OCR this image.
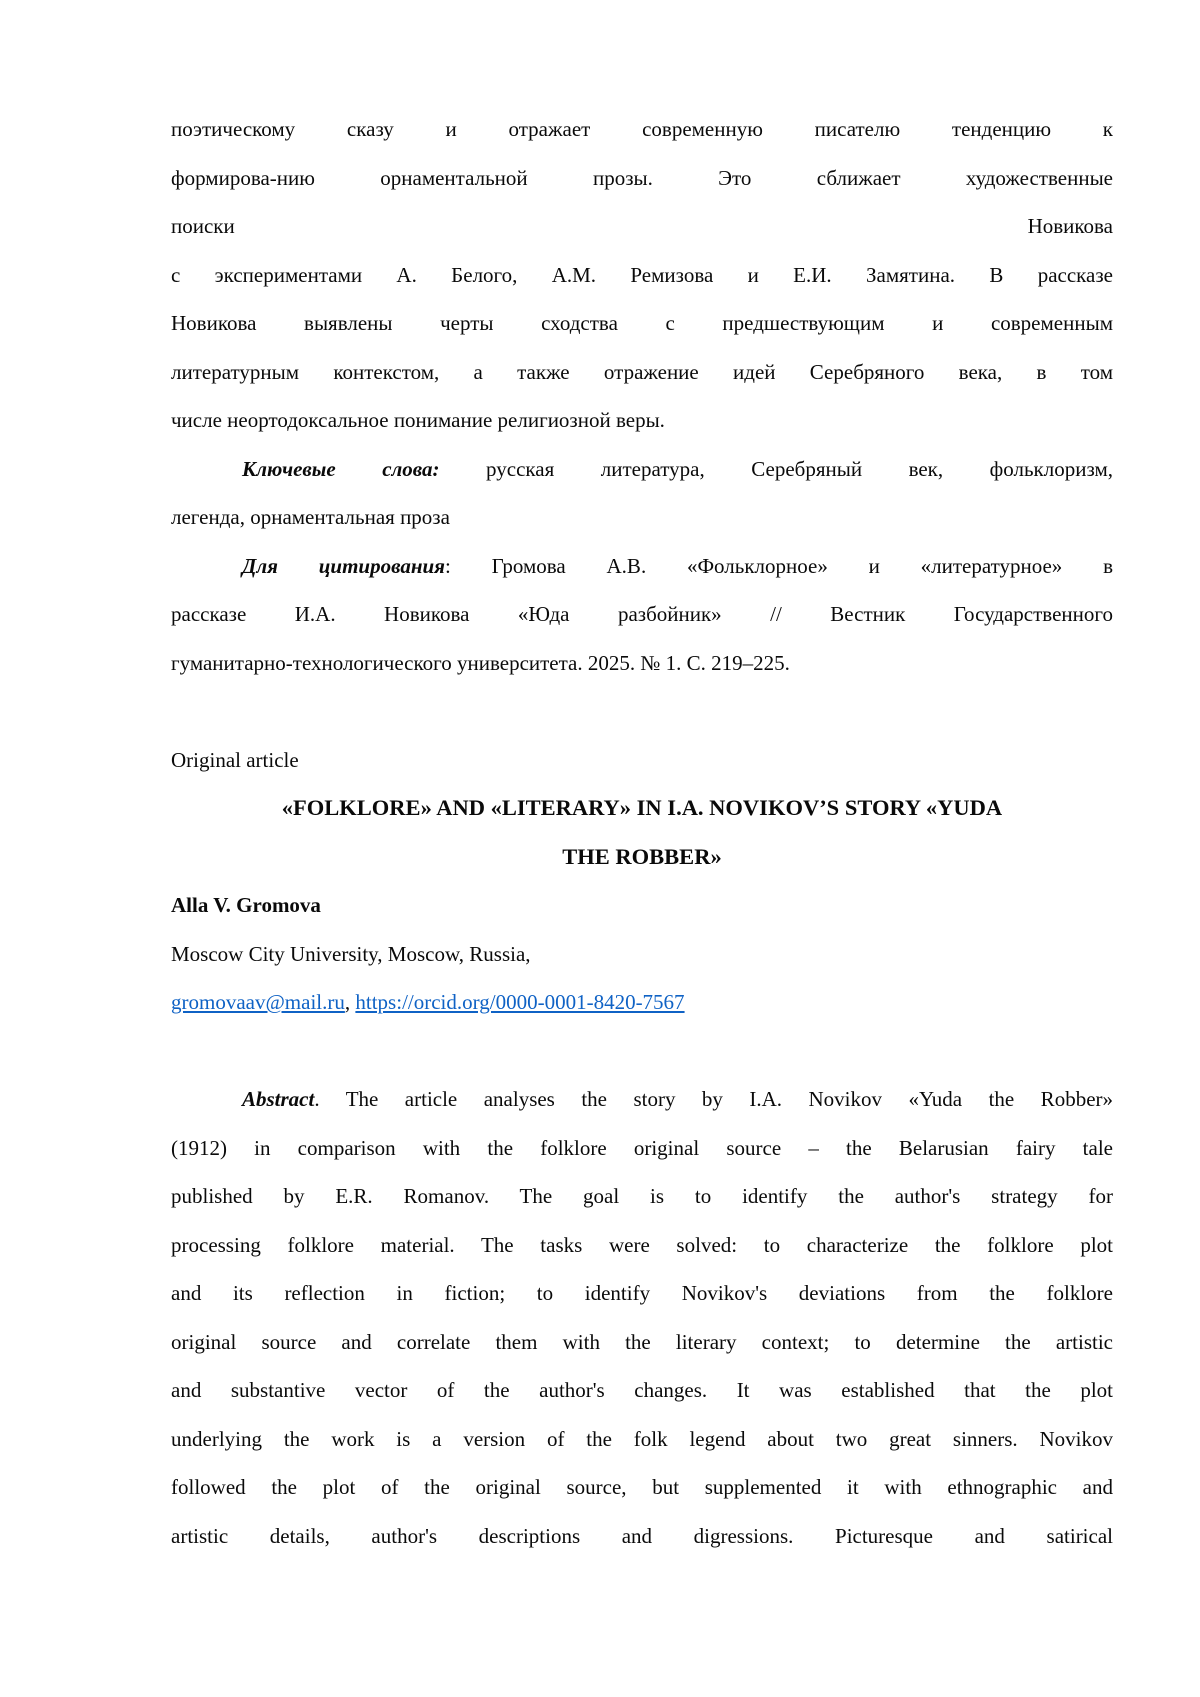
поэтическому сказу и отражает современную писателю тенденцию к
формирова-нию орнаментальной прозы. Это сближает художественные
поиски	Новикова
с экспериментами А. Белого, А.М. Ремизова и Е.И. Замятина. В рассказе
Новикова выявлены черты сходства с предшествующим и современным
литературным контекстом, а также отражение идей Серебряного века, в том
числе неортодоксальное понимание религиозной веры.
Ключевые слова: русская литература, Серебряный век, фольклоризм,
легенда, орнаментальная проза
Для цитирования: Громова А.В. «Фольклорное» и «литературное» в
рассказе И.А. Новикова «Юда разбойник» // Вестник Государственного
гуманитарно-технологического университета. 2025. № 1. С. 219–225.
Original article
«FOLKLORE» AND «LITERARY» IN I.A. NOVIKOV’S STORY «YUDA
THE ROBBER»
Alla V. Gromova
Moscow City University, Moscow, Russia,
gromovaav@mail.ru, https://orcid.org/0000-0001-8420-7567
Abstract. The article analyses the story by I.A. Novikov «Yuda the Robber»
(1912) in comparison with the folklore original source – the Belarusian fairy tale
published by E.R. Romanov. The goal is to identify the author's strategy for
processing folklore material. The tasks were solved: to characterize the folklore plot
and its reflection in fiction; to identify Novikov's deviations from the folklore
original source and correlate them with the literary context; to determine the artistic
and substantive vector of the author's changes. It was established that the plot
underlying the work is a version of the folk legend about two great sinners. Novikov
followed the plot of the original source, but supplemented it with ethnographic and
artistic details, author's descriptions and digressions. Picturesque and satirical
